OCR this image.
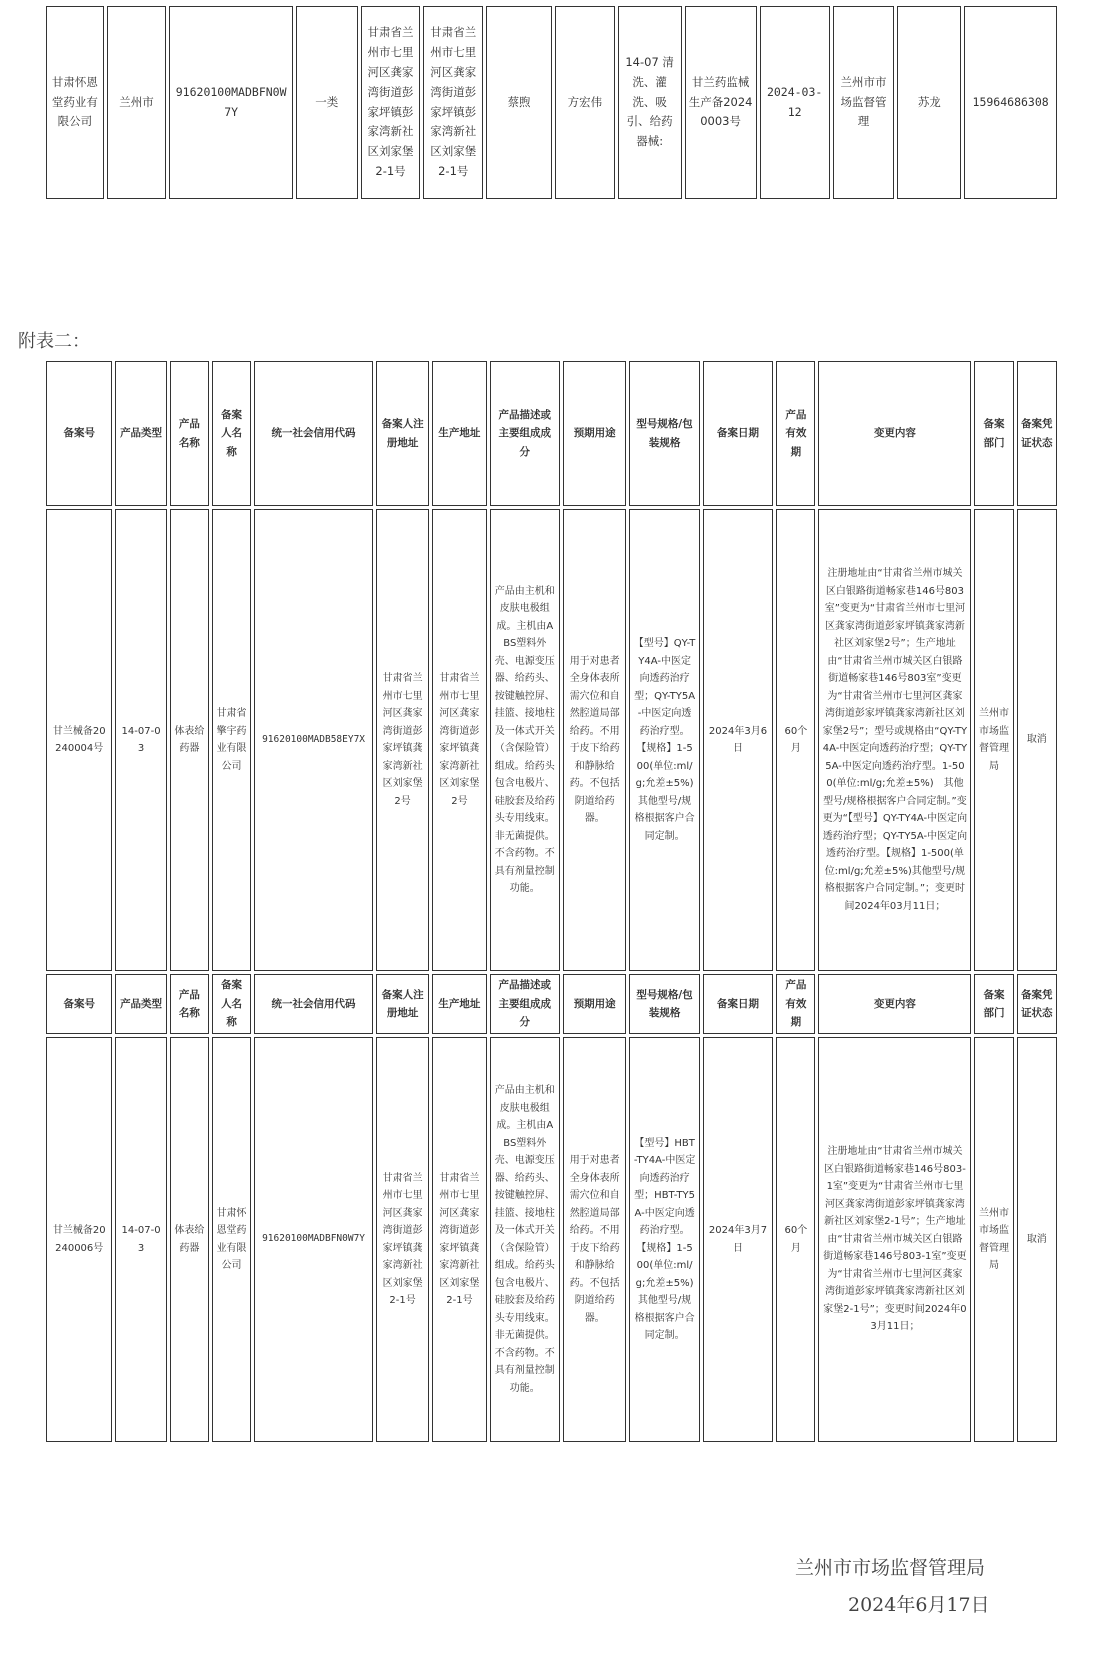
甘肃怀恩堂药业有限公司	兰州市	91620100MADBFN0W7Y	一类	甘肃省兰州市七里河区龚家湾街道彭家坪镇彭家湾新社区刘家堡2-1号	甘肃省兰州市七里河区龚家湾街道彭家坪镇彭家湾新社区刘家堡2-1号	蔡煦	方宏伟	14-07 清洗、灌洗、吸引、给药器械:	甘兰药监械生产备20240003号	2024-03-12	兰州市市场监督管理	苏龙	15964686308
附表二：
备案号	产品类型	产品名称	备案人名称	统一社会信用代码	备案人注册地址	生产地址	产品描述或主要组成成分	预期用途	型号规格/包装规格	备案日期	产品有效期	变更内容	备案部门	备案凭证状态
甘兰械备20240004号	14-07-03	体表给药器	甘肃省擎宇药业有限公司	91620100MADB58EY7X	甘肃省兰州市七里河区龚家湾街道彭家坪镇龚家湾新社区刘家堡2号	甘肃省兰州市七里河区龚家湾街道彭家坪镇龚家湾新社区刘家堡2号	产品由主机和皮肤电极组成。主机由ABS塑料外壳、电源变压器、给药头、按键触控屏、挂篮、接地柱及一体式开关（含保险管）组成。给药头包含电极片、硅胶套及给药头专用线束。非无菌提供。不含药物。不具有剂量控制功能。	用于对患者全身体表所需穴位和自然腔道局部给药。不用于皮下给药和静脉给药。不包括阴道给药器。	【型号】QY-TY4A-中医定向透药治疗型；QY-TY5A-中医定向透药治疗型。【规格】1-500(单位:ml/g;允差±5%)其他型号/规格根据客户合同定制。	2024年3月6日	60个月	注册地址由“甘肃省兰州市城关区白银路街道畅家巷146号803室”变更为“甘肃省兰州市七里河区龚家湾街道彭家坪镇龚家湾新社区刘家堡2号”；生产地址由“甘肃省兰州市城关区白银路街道畅家巷146号803室”变更为“甘肃省兰州市七里河区龚家湾街道彭家坪镇龚家湾新社区刘家堡2号”；型号或规格由“QY-TY4A-中医定向透药治疗型；QY-TY5A-中医定向透药治疗型。1-500(单位:ml/g;允差±5%)　其他型号/规格根据客户合同定制。”变更为“【型号】QY-TY4A-中医定向透药治疗型；QY-TY5A-中医定向透药治疗型。【规格】1-500(单位:ml/g;允差±5%)其他型号/规格根据客户合同定制。”；变更时间2024年03月11日；	兰州市市场监督管理局	取消
备案号	产品类型	产品名称	备案人名称	统一社会信用代码	备案人注册地址	生产地址	产品描述或主要组成成分	预期用途	型号规格/包装规格	备案日期	产品有效期	变更内容	备案部门	备案凭证状态
甘兰械备20240006号	14-07-03	体表给药器	甘肃怀恩堂药业有限公司	91620100MADBFN0W7Y	甘肃省兰州市七里河区龚家湾街道彭家坪镇龚家湾新社区刘家堡2-1号	甘肃省兰州市七里河区龚家湾街道彭家坪镇龚家湾新社区刘家堡2-1号	产品由主机和皮肤电极组成。主机由ABS塑料外壳、电源变压器、给药头、按键触控屏、挂篮、接地柱及一体式开关（含保险管）组成。给药头包含电极片、硅胶套及给药头专用线束。非无菌提供。不含药物。不具有剂量控制功能。	用于对患者全身体表所需穴位和自然腔道局部给药。不用于皮下给药和静脉给药。不包括阴道给药器。	【型号】HBT-TY4A-中医定向透药治疗型；HBT-TY5A-中医定向透药治疗型。【规格】1-500(单位:ml/g;允差±5%)其他型号/规格根据客户合同定制。	2024年3月7日	60个月	注册地址由“甘肃省兰州市城关区白银路街道畅家巷146号803-1室”变更为“甘肃省兰州市七里河区龚家湾街道彭家坪镇龚家湾新社区刘家堡2-1号”；生产地址由“甘肃省兰州市城关区白银路街道畅家巷146号803-1室”变更为“甘肃省兰州市七里河区龚家湾街道彭家坪镇龚家湾新社区刘家堡2-1号”；变更时间2024年03月11日；	兰州市市场监督管理局	取消
兰州市市场监督管理局
2024年6月17日
